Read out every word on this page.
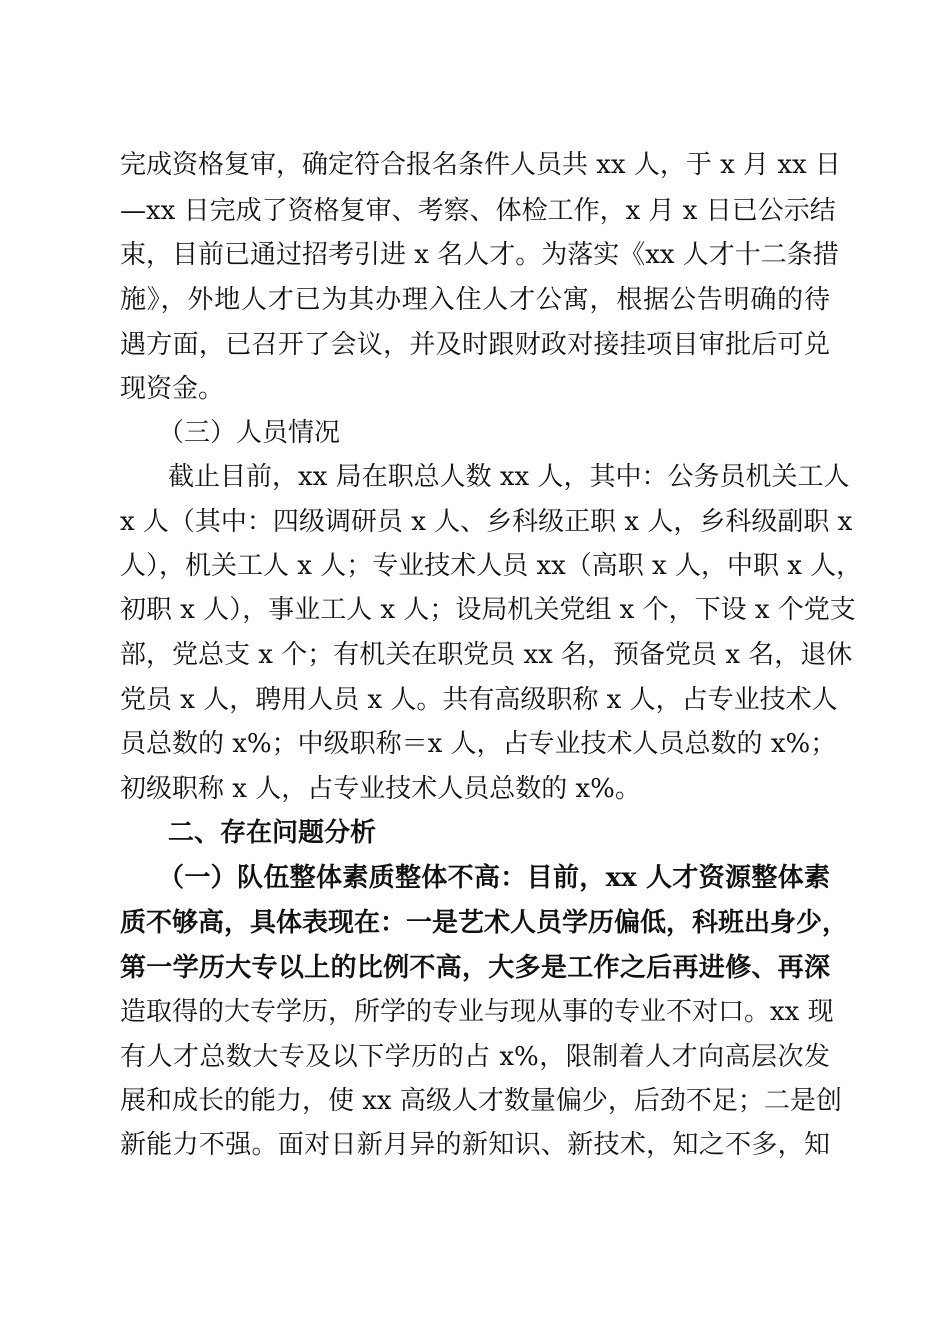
完成资格复审，确定符合报名条件人员共 xx 人，于 x 月 xx 日
—xx 日完成了资格复审、考察、体检工作，x 月 x 日已公示结
束，目前已通过招考引进 x 名人才。为落实《xx 人才十二条措
施》，外地人才已为其办理入住人才公寓，根据公告明确的待
遇方面，已召开了会议，并及时跟财政对接挂项目审批后可兑
现资金。
（三）人员情况
截止目前，xx 局在职总人数 xx 人，其中：公务员机关工人
x 人（其中：四级调研员 x 人、乡科级正职 x 人，乡科级副职 x
人），机关工人 x 人；专业技术人员 xx（高职 x 人，中职 x 人，
初职 x 人），事业工人 x 人；设局机关党组 x 个，下设 x 个党支
部，党总支 x 个；有机关在职党员 xx 名，预备党员 x 名，退休
党员 x 人，聘用人员 x 人。共有高级职称 x 人，占专业技术人
员总数的 x%；中级职称＝x 人，占专业技术人员总数的 x%；
初级职称 x 人，占专业技术人员总数的 x%。
二、存在问题分析
（一）队伍整体素质整体不高：目前，xx 人才资源整体素
质不够高，具体表现在：一是艺术人员学历偏低，科班出身少，
第一学历大专以上的比例不高，大多是工作之后再进修、再深
造取得的大专学历，所学的专业与现从事的专业不对口。xx 现
有人才总数大专及以下学历的占 x%，限制着人才向高层次发
展和成长的能力，使 xx 高级人才数量偏少，后劲不足；二是创
新能力不强。面对日新月异的新知识、新技术，知之不多，知
